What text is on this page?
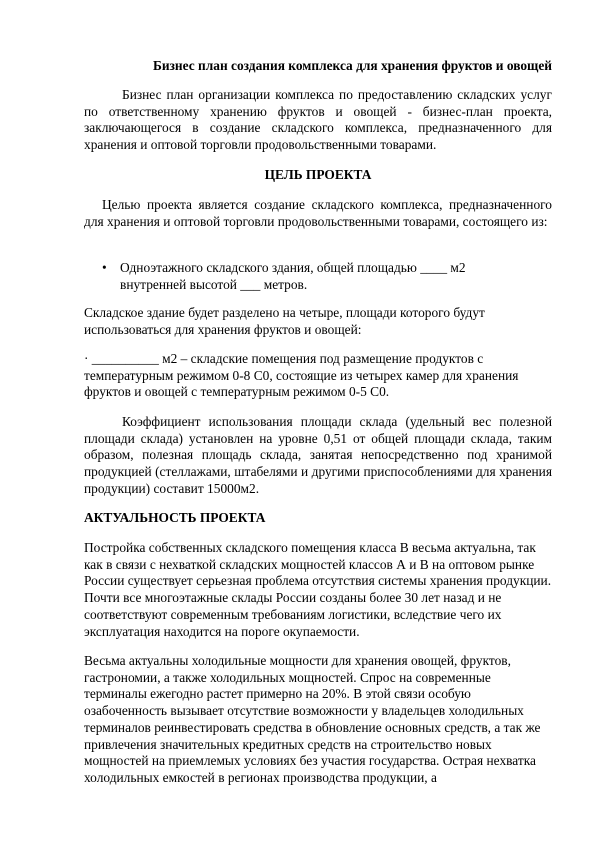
Бизнес план создания комплекса для хранения фруктов и овощей

Бизнес план организации комплекса по предоставлению складских услуг по ответственному хранению фруктов и овощей - бизнес-план проекта, заключающегося в создание складского комплекса, предназначенного для хранения и оптовой торговли продовольственными товарами.

ЦЕЛЬ ПРОЕКТА

Целью проекта является создание складского комплекса, предназначенного для хранения и оптовой торговли продовольственными товарами, состоящего из:

• Одноэтажного складского здания, общей площадью ____ м2 внутренней высотой ___ метров.

Складское здание будет разделено на четыре, площади которого будут использоваться для хранения фруктов и овощей:

· __________ м2 – складские помещения под размещение продуктов с температурным режимом 0-8 С0, состоящие из четырех камер для хранения фруктов и овощей с температурным режимом 0-5 С0.

Коэффициент использования площади склада (удельный вес полезной площади склада) установлен на уровне 0,51 от общей площади склада, таким образом, полезная площадь склада, занятая непосредственно под хранимой продукцией (стеллажами, штабелями и другими приспособлениями для хранения продукции) составит 15000м2.

АКТУАЛЬНОСТЬ ПРОЕКТА

Постройка собственных складского помещения класса В весьма актуальна, так как в связи с нехваткой складских мощностей классов А и В на оптовом рынке России существует серьезная проблема отсутствия системы хранения продукции. Почти все многоэтажные склады России созданы более 30 лет назад и не соответствуют современным требованиям логистики, вследствие чего их эксплуатация находится на пороге окупаемости.

Весьма актуальны холодильные мощности для хранения овощей, фруктов, гастрономии, а также холодильных мощностей. Спрос на современные терминалы ежегодно растет примерно на 20%. В этой связи особую озабоченность вызывает отсутствие возможности у владельцев холодильных терминалов реинвестировать средства в обновление основных средств, а так же привлечения значительных кредитных средств на строительство новых мощностей на приемлемых условиях без участия государства. Острая нехватка холодильных емкостей в регионах производства продукции, а
